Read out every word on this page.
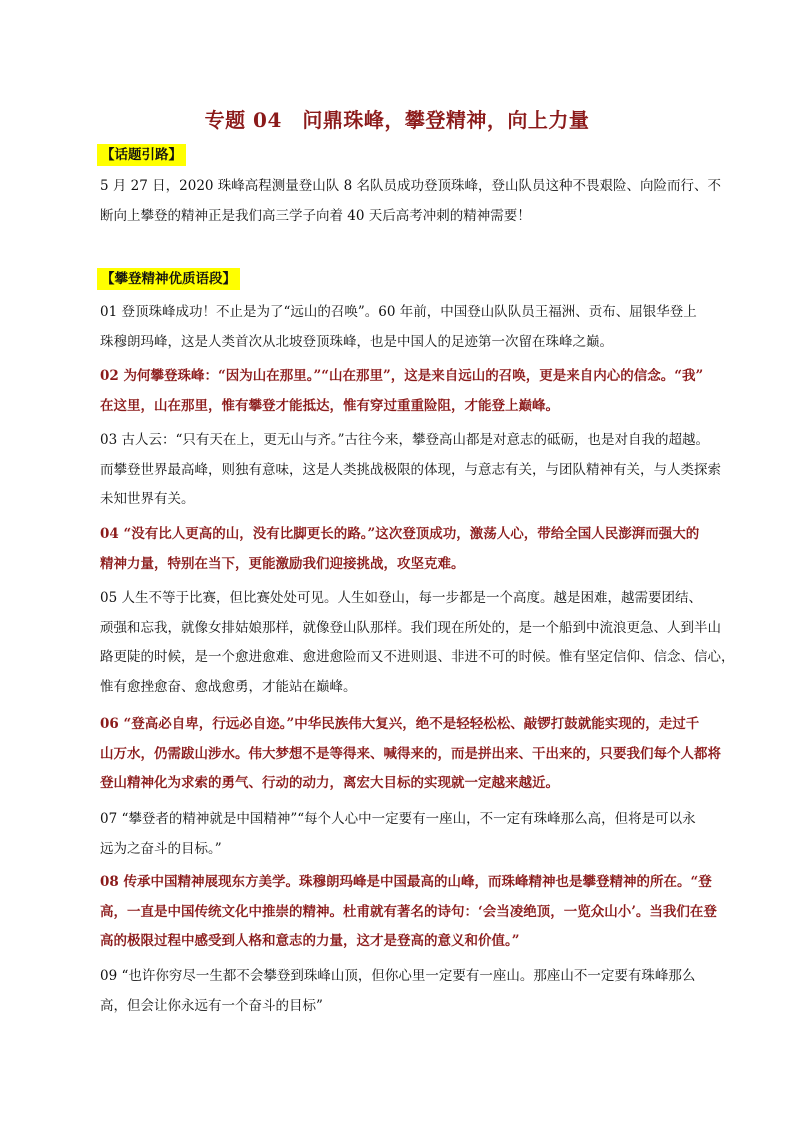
专题 04　问鼎珠峰，攀登精神，向上力量
【话题引路】
5 月 27 日，2020 珠峰高程测量登山队 8 名队员成功登顶珠峰，登山队员这种不畏艰险、向险而行、不
断向上攀登的精神正是我们高三学子向着 40 天后高考冲刺的精神需要！
【攀登精神优质语段】
01 登顶珠峰成功！不止是为了“远山的召唤”。60 年前，中国登山队队员王福洲、贡布、屈银华登上
珠穆朗玛峰，这是人类首次从北坡登顶珠峰，也是中国人的足迹第一次留在珠峰之巅。
02 为何攀登珠峰：“因为山在那里。”“山在那里”，这是来自远山的召唤，更是来自内心的信念。“我”
在这里，山在那里，惟有攀登才能抵达，惟有穿过重重险阻，才能登上巅峰。
03 古人云：“只有天在上，更无山与齐。”古往今来，攀登高山都是对意志的砥砺，也是对自我的超越。
而攀登世界最高峰，则独有意味，这是人类挑战极限的体现，与意志有关，与团队精神有关，与人类探索
未知世界有关。
04 “没有比人更高的山，没有比脚更长的路。”这次登顶成功，激荡人心，带给全国人民澎湃而强大的
精神力量，特别在当下，更能激励我们迎接挑战，攻坚克难。
05 人生不等于比赛，但比赛处处可见。人生如登山，每一步都是一个高度。越是困难，越需要团结、
顽强和忘我，就像女排姑娘那样，就像登山队那样。我们现在所处的，是一个船到中流浪更急、人到半山
路更陡的时候，是一个愈进愈难、愈进愈险而又不进则退、非进不可的时候。惟有坚定信仰、信念、信心，
惟有愈挫愈奋、愈战愈勇，才能站在巅峰。
06 “登高必自卑，行远必自迩。”中华民族伟大复兴，绝不是轻轻松松、敲锣打鼓就能实现的，走过千
山万水，仍需跋山涉水。伟大梦想不是等得来、喊得来的，而是拼出来、干出来的，只要我们每个人都将
登山精神化为求索的勇气、行动的动力，离宏大目标的实现就一定越来越近。
07 “攀登者的精神就是中国精神”“每个人心中一定要有一座山，不一定有珠峰那么高，但将是可以永
远为之奋斗的目标。”
08 传承中国精神展现东方美学。珠穆朗玛峰是中国最高的山峰，而珠峰精神也是攀登精神的所在。“登
高，一直是中国传统文化中推崇的精神。杜甫就有著名的诗句：‘会当凌绝顶，一览众山小’。当我们在登
高的极限过程中感受到人格和意志的力量，这才是登高的意义和价值。”
09 “也许你穷尽一生都不会攀登到珠峰山顶，但你心里一定要有一座山。那座山不一定要有珠峰那么
高，但会让你永远有一个奋斗的目标”
